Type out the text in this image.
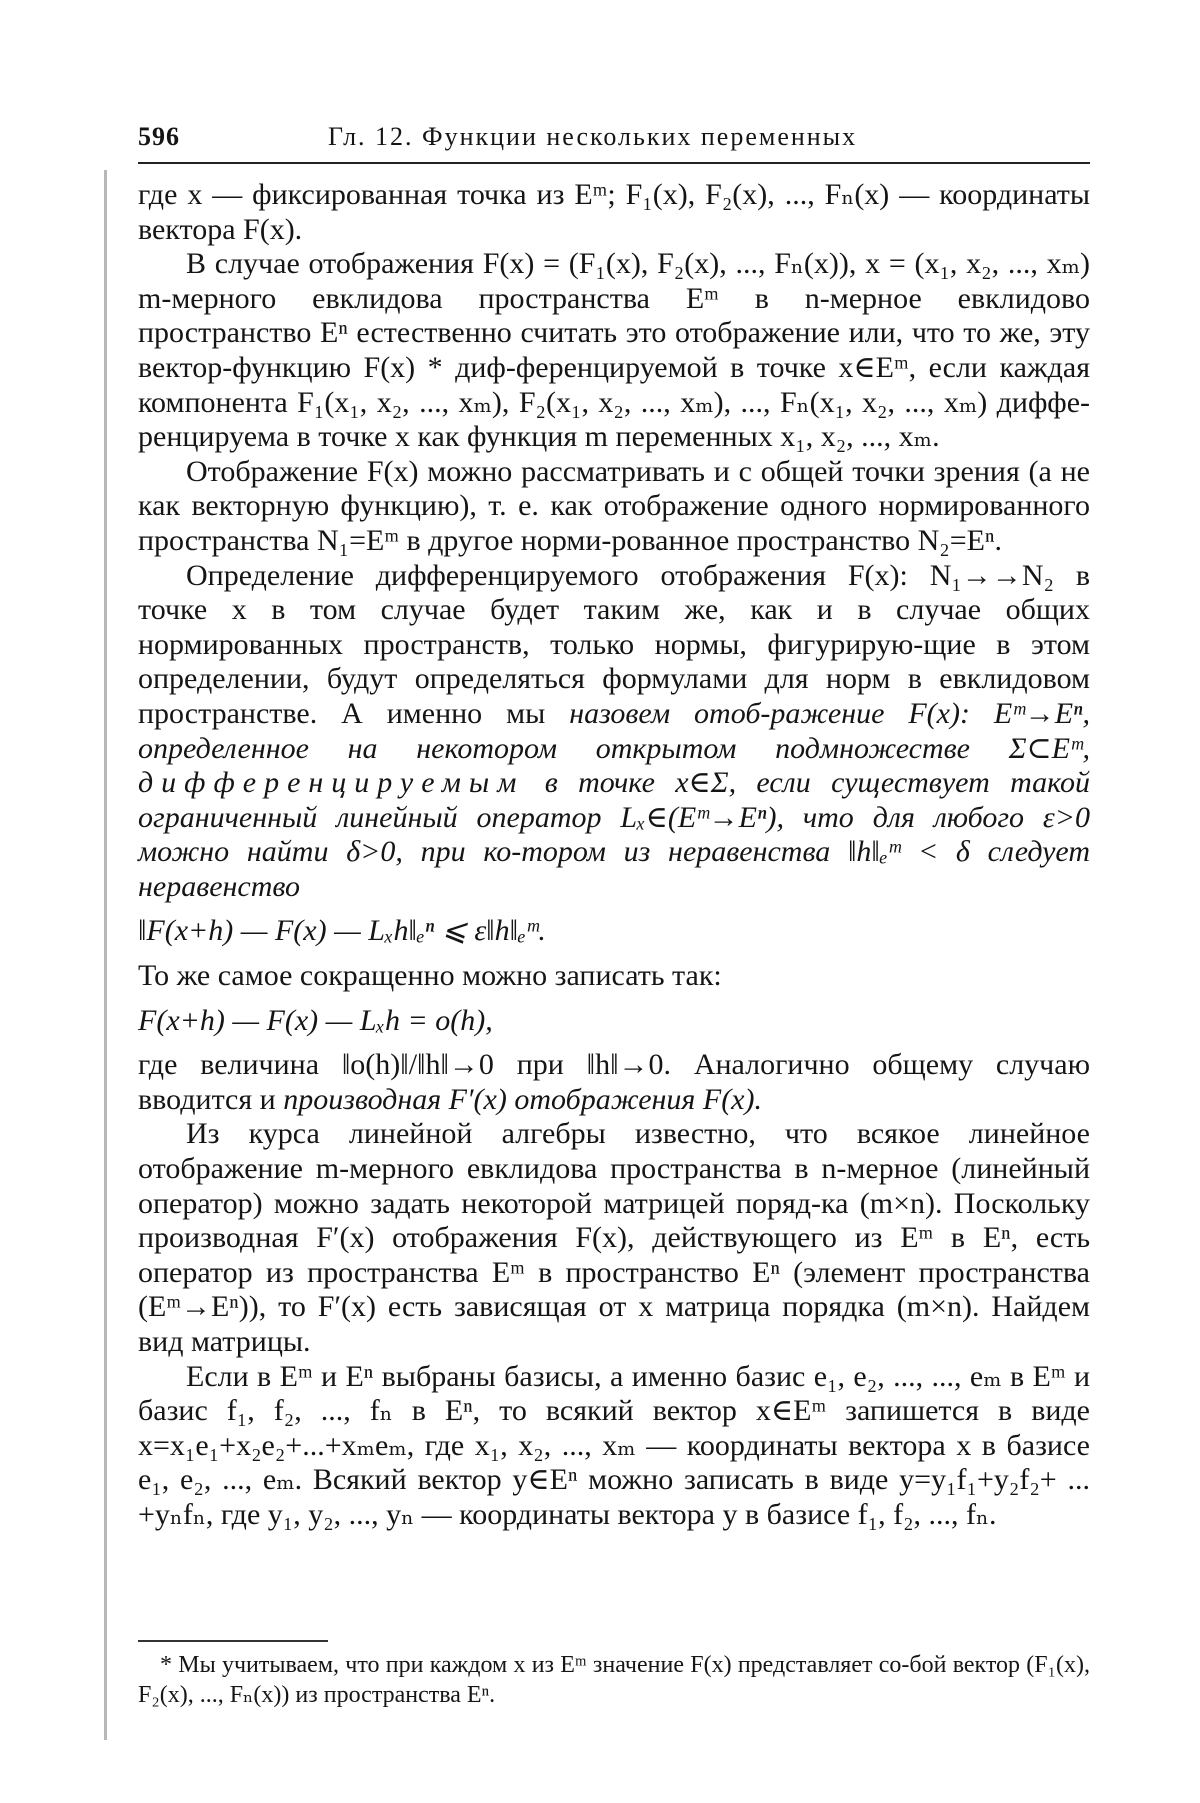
596	Гл. 12. Функции нескольких переменных

где x — фиксированная точка из Eᵐ; F₁(x), F₂(x), ..., Fₙ(x) — координаты вектора F(x).

В случае отображения F(x) = (F₁(x), F₂(x), ..., Fₙ(x)), x = (x₁, x₂, ..., xₘ) m-мерного евклидова пространства Eᵐ в n-мерное евклидово пространство Eⁿ естественно считать это отображение или, что то же, эту вектор-функцию F(x) * диф-ференцируемой в точке x∈Eᵐ, если каждая компонента F₁(x₁, x₂, ..., xₘ), F₂(x₁, x₂, ..., xₘ), ..., Fₙ(x₁, x₂, ..., xₘ) диффе-ренцируема в точке x как функция m переменных x₁, x₂, ..., xₘ.

Отображение F(x) можно рассматривать и с общей точки зрения (а не как векторную функцию), т. е. как отображение одного нормированного пространства N₁=Eᵐ в другое норми-рованное пространство N₂=Eⁿ.

Определение дифференцируемого отображения F(x): N₁→→N₂ в точке x в том случае будет таким же, как и в случае общих нормированных пространств, только нормы, фигурирую-щие в этом определении, будут определяться формулами для норм в евклидовом пространстве. А именно мы назовем отоб-ражение F(x): Eᵐ→Eⁿ, определенное на некотором открытом подмножестве Σ⊂Eᵐ, дифференцируемым в точке x∈Σ, если существует такой ограниченный линейный оператор Lₓ∈(Eᵐ→Eⁿ), что для любого ε>0 можно найти δ>0, при ко-тором из неравенства ‖h‖ₑᵐ < δ следует неравенство

‖F(x+h) — F(x) — Lₓh‖ₑⁿ ⩽ ε‖h‖ₑᵐ.

То же самое сокращенно можно записать так:

F(x+h) — F(x) — Lₓh = o(h),

где величина ‖o(h)‖/‖h‖→0 при ‖h‖→0. Аналогично общему случаю вводится и производная F′(x) отображения F(x).

Из курса линейной алгебры известно, что всякое линейное отображение m-мерного евклидова пространства в n-мерное (линейный оператор) можно задать некоторой матрицей поряд-ка (m×n). Поскольку производная F′(x) отображения F(x), действующего из Eᵐ в Eⁿ, есть оператор из пространства Eᵐ в пространство Eⁿ (элемент пространства (Eᵐ→Eⁿ)), то F′(x) есть зависящая от x матрица порядка (m×n). Найдем вид матрицы.

Если в Eᵐ и Eⁿ выбраны базисы, а именно базис e₁, e₂, ..., ..., eₘ в Eᵐ и базис f₁, f₂, ..., fₙ в Eⁿ, то всякий вектор x∈Eᵐ запишется в виде x=x₁e₁+x₂e₂+...+xₘeₘ, где x₁, x₂, ..., xₘ — координаты вектора x в базисе e₁, e₂, ..., eₘ. Всякий вектор y∈Eⁿ можно записать в виде y=y₁f₁+y₂f₂+ ... +yₙfₙ, где y₁, y₂, ..., yₙ — координаты вектора y в базисе f₁, f₂, ..., fₙ.

* Мы учитываем, что при каждом x из Eᵐ значение F(x) представляет со-бой вектор (F₁(x), F₂(x), ..., Fₙ(x)) из пространства Eⁿ.
